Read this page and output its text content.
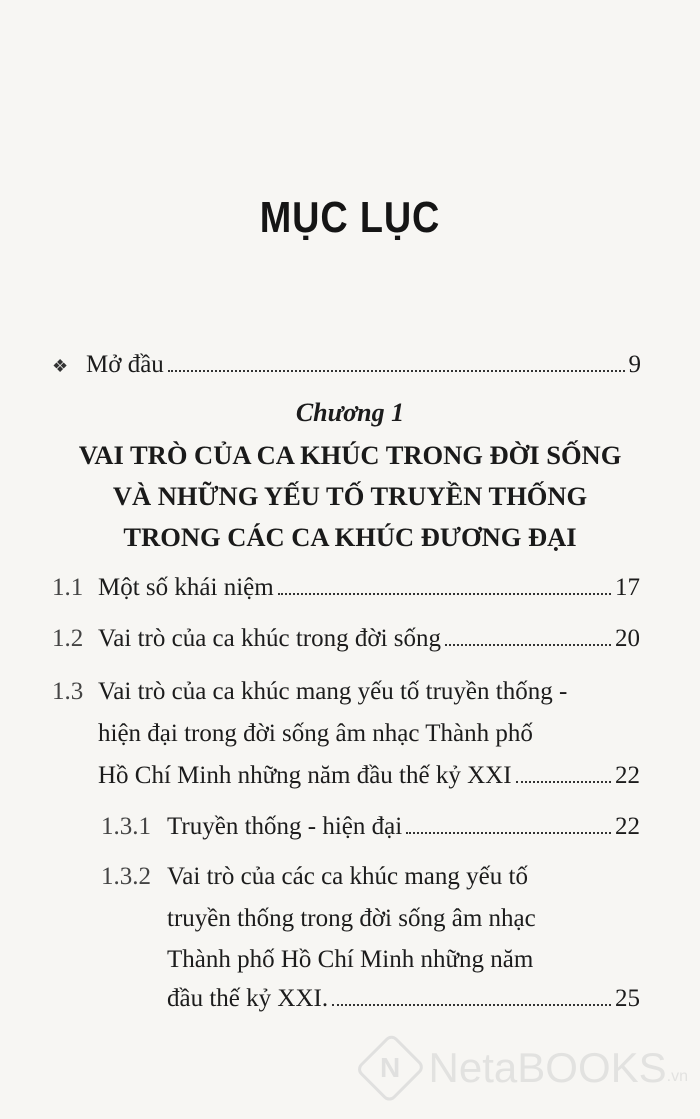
MỤC LỤC
❖ Mở đầu	9
Chương 1
VAI TRÒ CỦA CA KHÚC TRONG ĐỜI SỐNG
VÀ NHỮNG YẾU TỐ TRUYỀN THỐNG
TRONG CÁC CA KHÚC ĐƯƠNG ĐẠI
1.1 Một số khái niệm	17
1.2 Vai trò của ca khúc trong đời sống	20
1.3 Vai trò của ca khúc mang yếu tố truyền thống -
hiện đại trong đời sống âm nhạc Thành phố
Hồ Chí Minh những năm đầu thế kỷ XXI	22
1.3.1 Truyền thống - hiện đại	22
1.3.2 Vai trò của các ca khúc mang yếu tố
truyền thống trong đời sống âm nhạc
Thành phố Hồ Chí Minh những năm
đầu thế kỷ XXI.	25
N NetaBOOKS .vn
